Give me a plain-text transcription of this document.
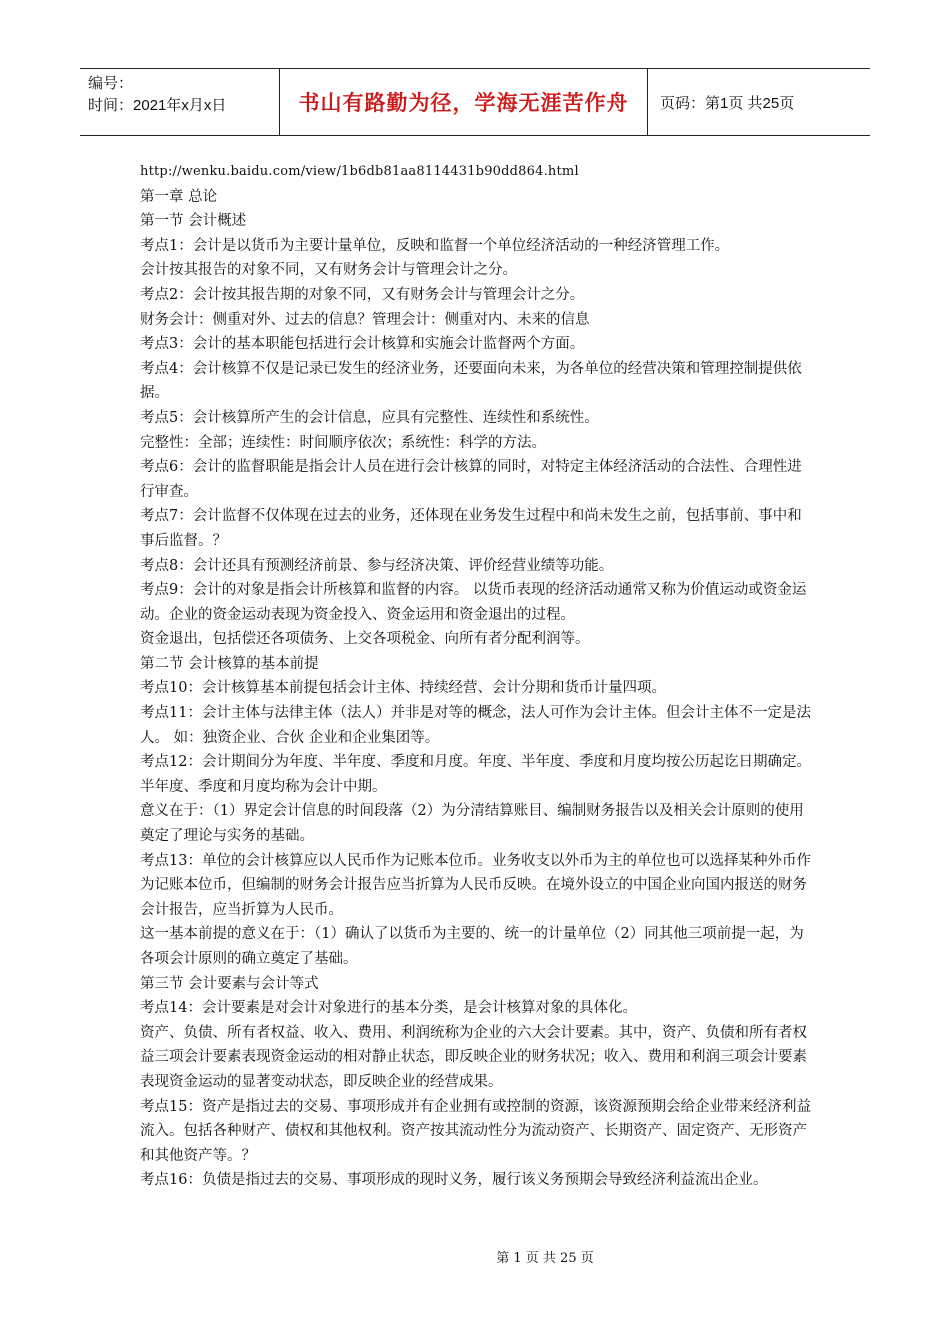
编号：
时间：2021年x月x日	书山有路勤为径，学海无涯苦作舟 页码：第1页 共25页

http://wenku.baidu.com/view/1b6db81aa8114431b90dd864.html

第一章 总论

第一节 会计概述

考点1：会计是以货币为主要计量单位，反映和监督一个单位经济活动的一种经济管理工作。

会计按其报告的对象不同，又有财务会计与管理会计之分。

考点2：会计按其报告期的对象不同，又有财务会计与管理会计之分。

财务会计：侧重对外、过去的信息？管理会计：侧重对内、未来的信息

考点3：会计的基本职能包括进行会计核算和实施会计监督两个方面。

考点4：会计核算不仅是记录已发生的经济业务，还要面向未来，为各单位的经营决策和管理控制提供依据。

考点5：会计核算所产生的会计信息，应具有完整性、连续性和系统性。

完整性：全部；连续性：时间顺序依次；系统性：科学的方法。

考点6：会计的监督职能是指会计人员在进行会计核算的同时，对特定主体经济活动的合法性、合理性进行审查。

考点7：会计监督不仅体现在过去的业务，还体现在业务发生过程中和尚未发生之前，包括事前、事中和事后监督。？

考点8：会计还具有预测经济前景、参与经济决策、评价经营业绩等功能。

考点9：会计的对象是指会计所核算和监督的内容。 以货币表现的经济活动通常又称为价值运动或资金运动。企业的资金运动表现为资金投入、资金运用和资金退出的过程。

资金退出，包括偿还各项债务、上交各项税金、向所有者分配利润等。

第二节 会计核算的基本前提

考点10：会计核算基本前提包括会计主体、持续经营、会计分期和货币计量四项。

考点11：会计主体与法律主体（法人）并非是对等的概念，法人可作为会计主体。但会计主体不一定是法人。 如：独资企业、合伙 企业和企业集团等。

考点12：会计期间分为年度、半年度、季度和月度。年度、半年度、季度和月度均按公历起讫日期确定。半年度、季度和月度均称为会计中期。

意义在于：（1）界定会计信息的时间段落（2）为分清结算账目、编制财务报告以及相关会计原则的使用奠定了理论与实务的基础。

考点13：单位的会计核算应以人民币作为记账本位币。业务收支以外币为主的单位也可以选择某种外币作为记账本位币，但编制的财务会计报告应当折算为人民币反映。在境外设立的中国企业向国内报送的财务会计报告，应当折算为人民币。

这一基本前提的意义在于：（1）确认了以货币为主要的、统一的计量单位（2）同其他三项前提一起，为各项会计原则的确立奠定了基础。

第三节 会计要素与会计等式

考点14：会计要素是对会计对象进行的基本分类，是会计核算对象的具体化。

资产、负债、所有者权益、收入、费用、利润统称为企业的六大会计要素。其中，资产、负债和所有者权益三项会计要素表现资金运动的相对静止状态，即反映企业的财务状况；收入、费用和利润三项会计要素表现资金运动的显著变动状态，即反映企业的经营成果。

考点15：资产是指过去的交易、事项形成并有企业拥有或控制的资源，该资源预期会给企业带来经济利益流入。包括各种财产、债权和其他权利。资产按其流动性分为流动资产、长期资产、固定资产、无形资产和其他资产等。？

考点16：负债是指过去的交易、事项形成的现时义务，履行该义务预期会导致经济利益流出企业。

第 1 页 共 25 页
